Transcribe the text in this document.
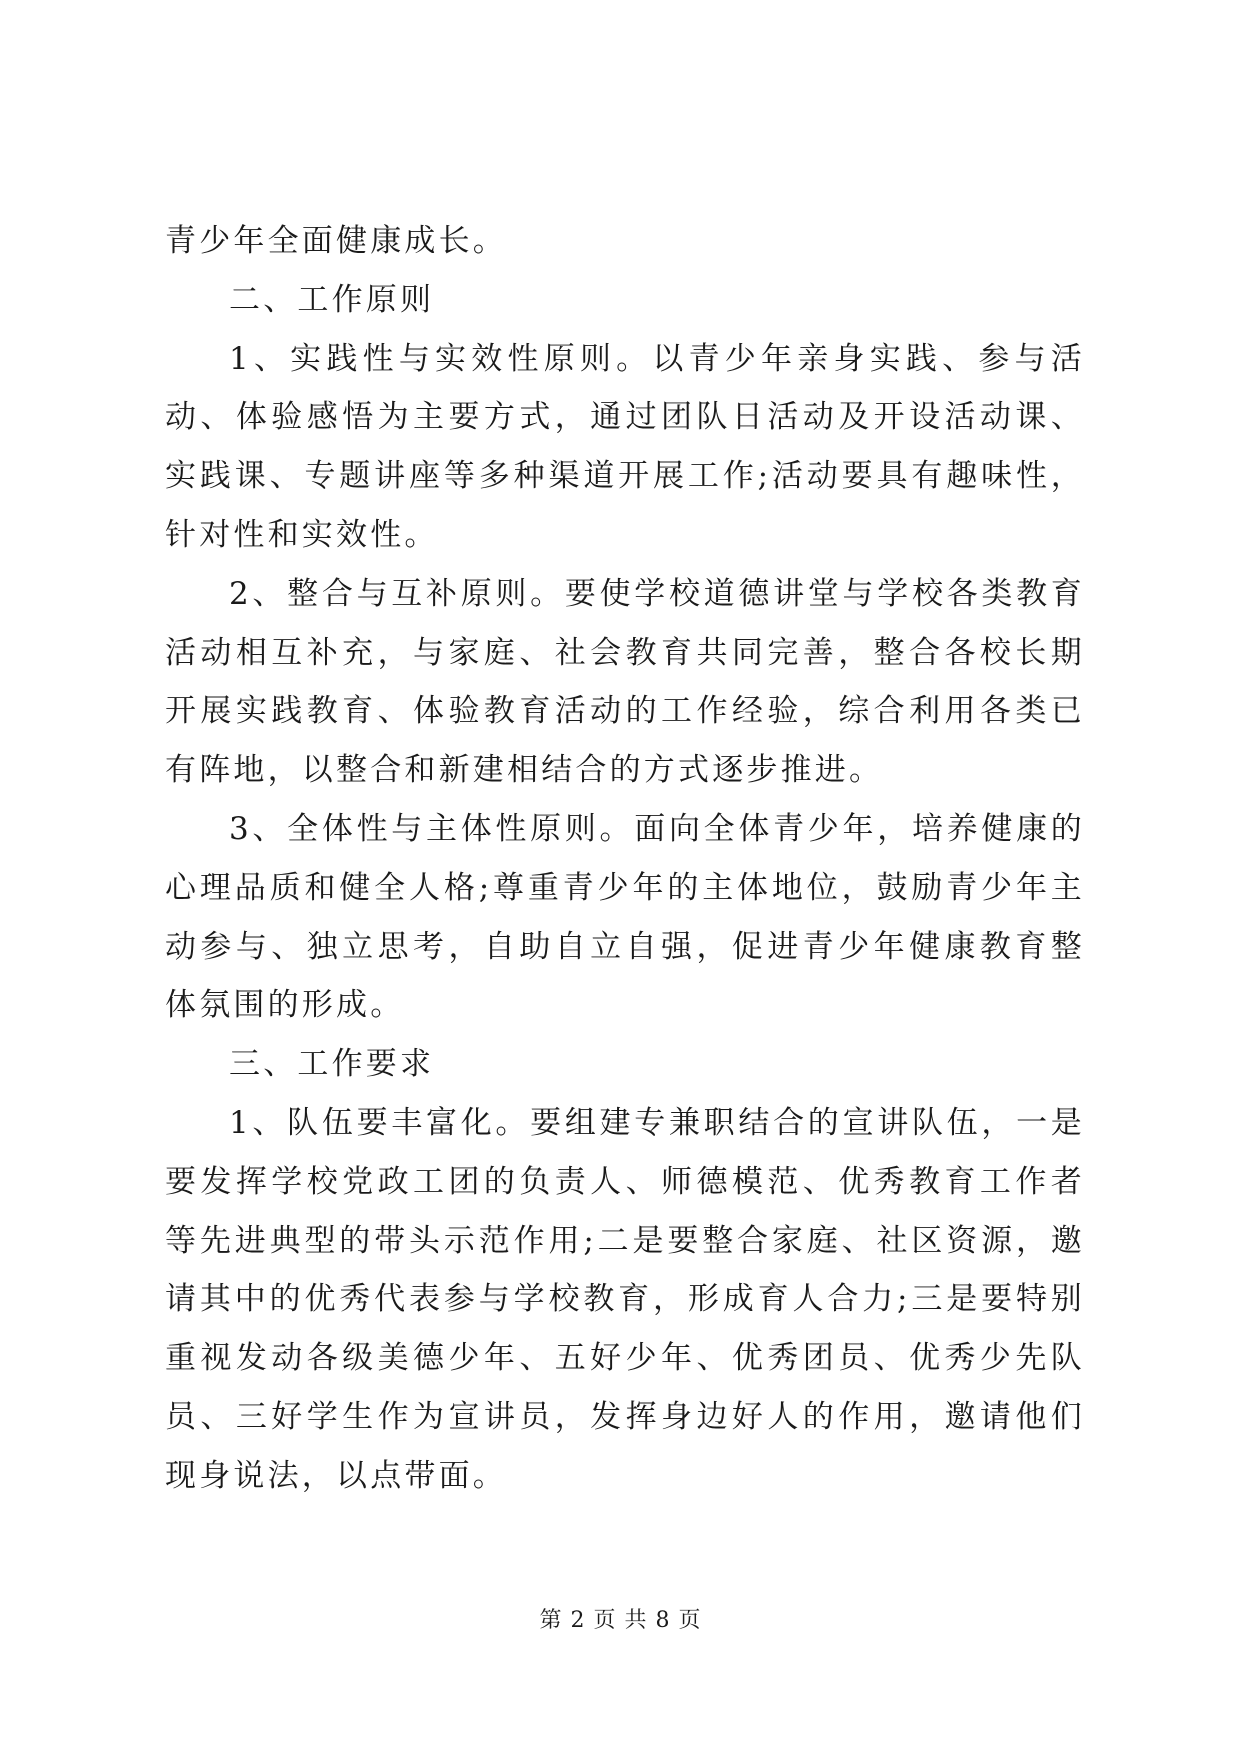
青少年全面健康成长。

二、工作原则

1、实践性与实效性原则。以青少年亲身实践、参与活动、体验感悟为主要方式，通过团队日活动及开设活动课、实践课、专题讲座等多种渠道开展工作;活动要具有趣味性，针对性和实效性。

2、整合与互补原则。要使学校道德讲堂与学校各类教育活动相互补充，与家庭、社会教育共同完善，整合各校长期开展实践教育、体验教育活动的工作经验，综合利用各类已有阵地，以整合和新建相结合的方式逐步推进。

3、全体性与主体性原则。面向全体青少年，培养健康的心理品质和健全人格;尊重青少年的主体地位，鼓励青少年主动参与、独立思考，自助自立自强，促进青少年健康教育整体氛围的形成。

三、工作要求

1、队伍要丰富化。要组建专兼职结合的宣讲队伍，一是要发挥学校党政工团的负责人、师德模范、优秀教育工作者等先进典型的带头示范作用;二是要整合家庭、社区资源，邀请其中的优秀代表参与学校教育，形成育人合力;三是要特别重视发动各级美德少年、五好少年、优秀团员、优秀少先队员、三好学生作为宣讲员，发挥身边好人的作用，邀请他们现身说法，以点带面。

第 2 页 共 8 页
